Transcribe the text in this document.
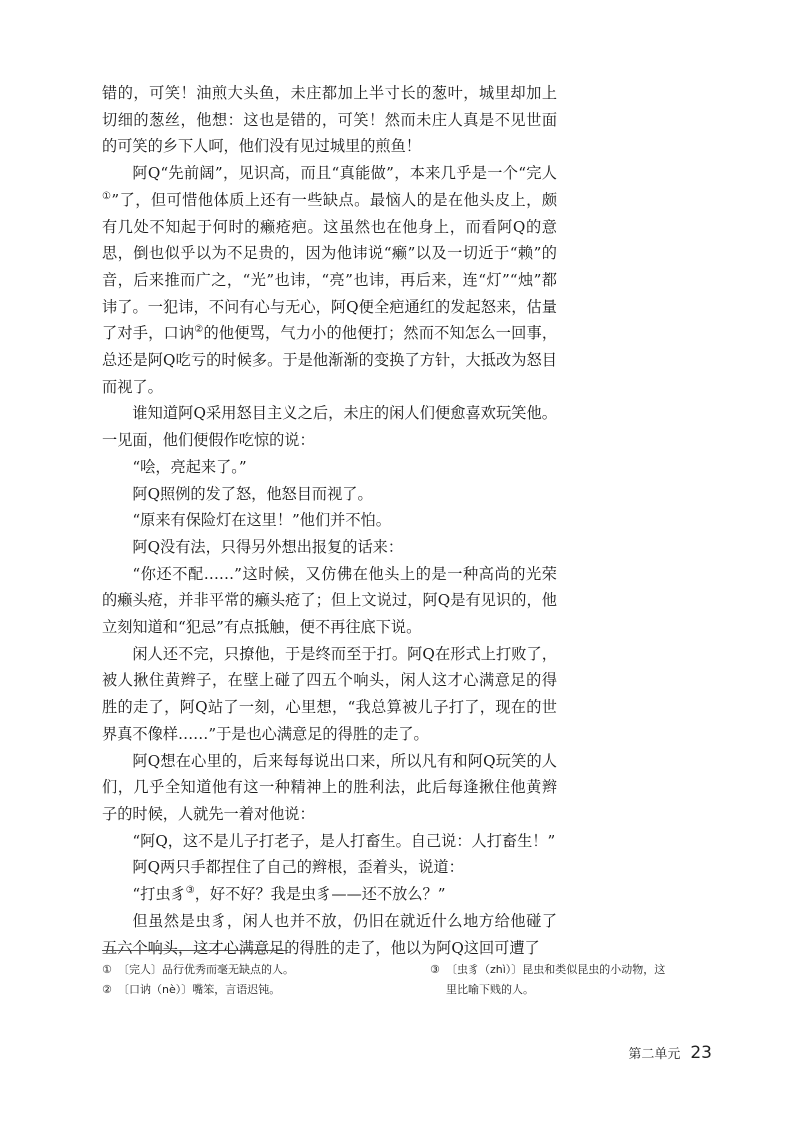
错的，可笑！油煎大头鱼，未庄都加上半寸长的葱叶，城里却加上切细的葱丝，他想：这也是错的，可笑！然而未庄人真是不见世面的可笑的乡下人呵，他们没有见过城里的煎鱼！

阿Q“先前阔”，见识高，而且“真能做”，本来几乎是一个“完人①”了，但可惜他体质上还有一些缺点。最恼人的是在他头皮上，颇有几处不知起于何时的癞疮疤。这虽然也在他身上，而看阿Q的意思，倒也似乎以为不足贵的，因为他讳说“癞”以及一切近于“赖”的音，后来推而广之，“光”也讳，“亮”也讳，再后来，连“灯”“烛”都讳了。一犯讳，不问有心与无心，阿Q便全疤通红的发起怒来，估量了对手，口讷②的他便骂，气力小的他便打；然而不知怎么一回事，总还是阿Q吃亏的时候多。于是他渐渐的变换了方针，大抵改为怒目而视了。

谁知道阿Q采用怒目主义之后，未庄的闲人们便愈喜欢玩笑他。一见面，他们便假作吃惊的说：

“哙，亮起来了。”

阿Q照例的发了怒，他怒目而视了。

“原来有保险灯在这里！”他们并不怕。

阿Q没有法，只得另外想出报复的话来：

“你还不配……”这时候，又仿佛在他头上的是一种高尚的光荣的癞头疮，并非平常的癞头疮了；但上文说过，阿Q是有见识的，他立刻知道和“犯忌”有点抵触，便不再往底下说。

闲人还不完，只撩他，于是终而至于打。阿Q在形式上打败了，被人揪住黄辫子，在壁上碰了四五个响头，闲人这才心满意足的得胜的走了，阿Q站了一刻，心里想，“我总算被儿子打了，现在的世界真不像样……”于是也心满意足的得胜的走了。

阿Q想在心里的，后来每每说出口来，所以凡有和阿Q玩笑的人们，几乎全知道他有这一种精神上的胜利法，此后每逢揪住他黄辫子的时候，人就先一着对他说：

“阿Q，这不是儿子打老子，是人打畜生。自己说：人打畜生！”

阿Q两只手都捏住了自己的辫根，歪着头，说道：

“打虫豸③，好不好？我是虫豸——还不放么？”

但虽然是虫豸，闲人也并不放，仍旧在就近什么地方给他碰了五六个响头，这才心满意足的得胜的走了，他以为阿Q这回可遭了

① 〔完人〕品行优秀而毫无缺点的人。
② 〔口讷（nè）〕嘴笨，言语迟钝。
③ 〔虫豸（zhì）〕昆虫和类似昆虫的小动物，这里比喻下贱的人。
第二单元 23
